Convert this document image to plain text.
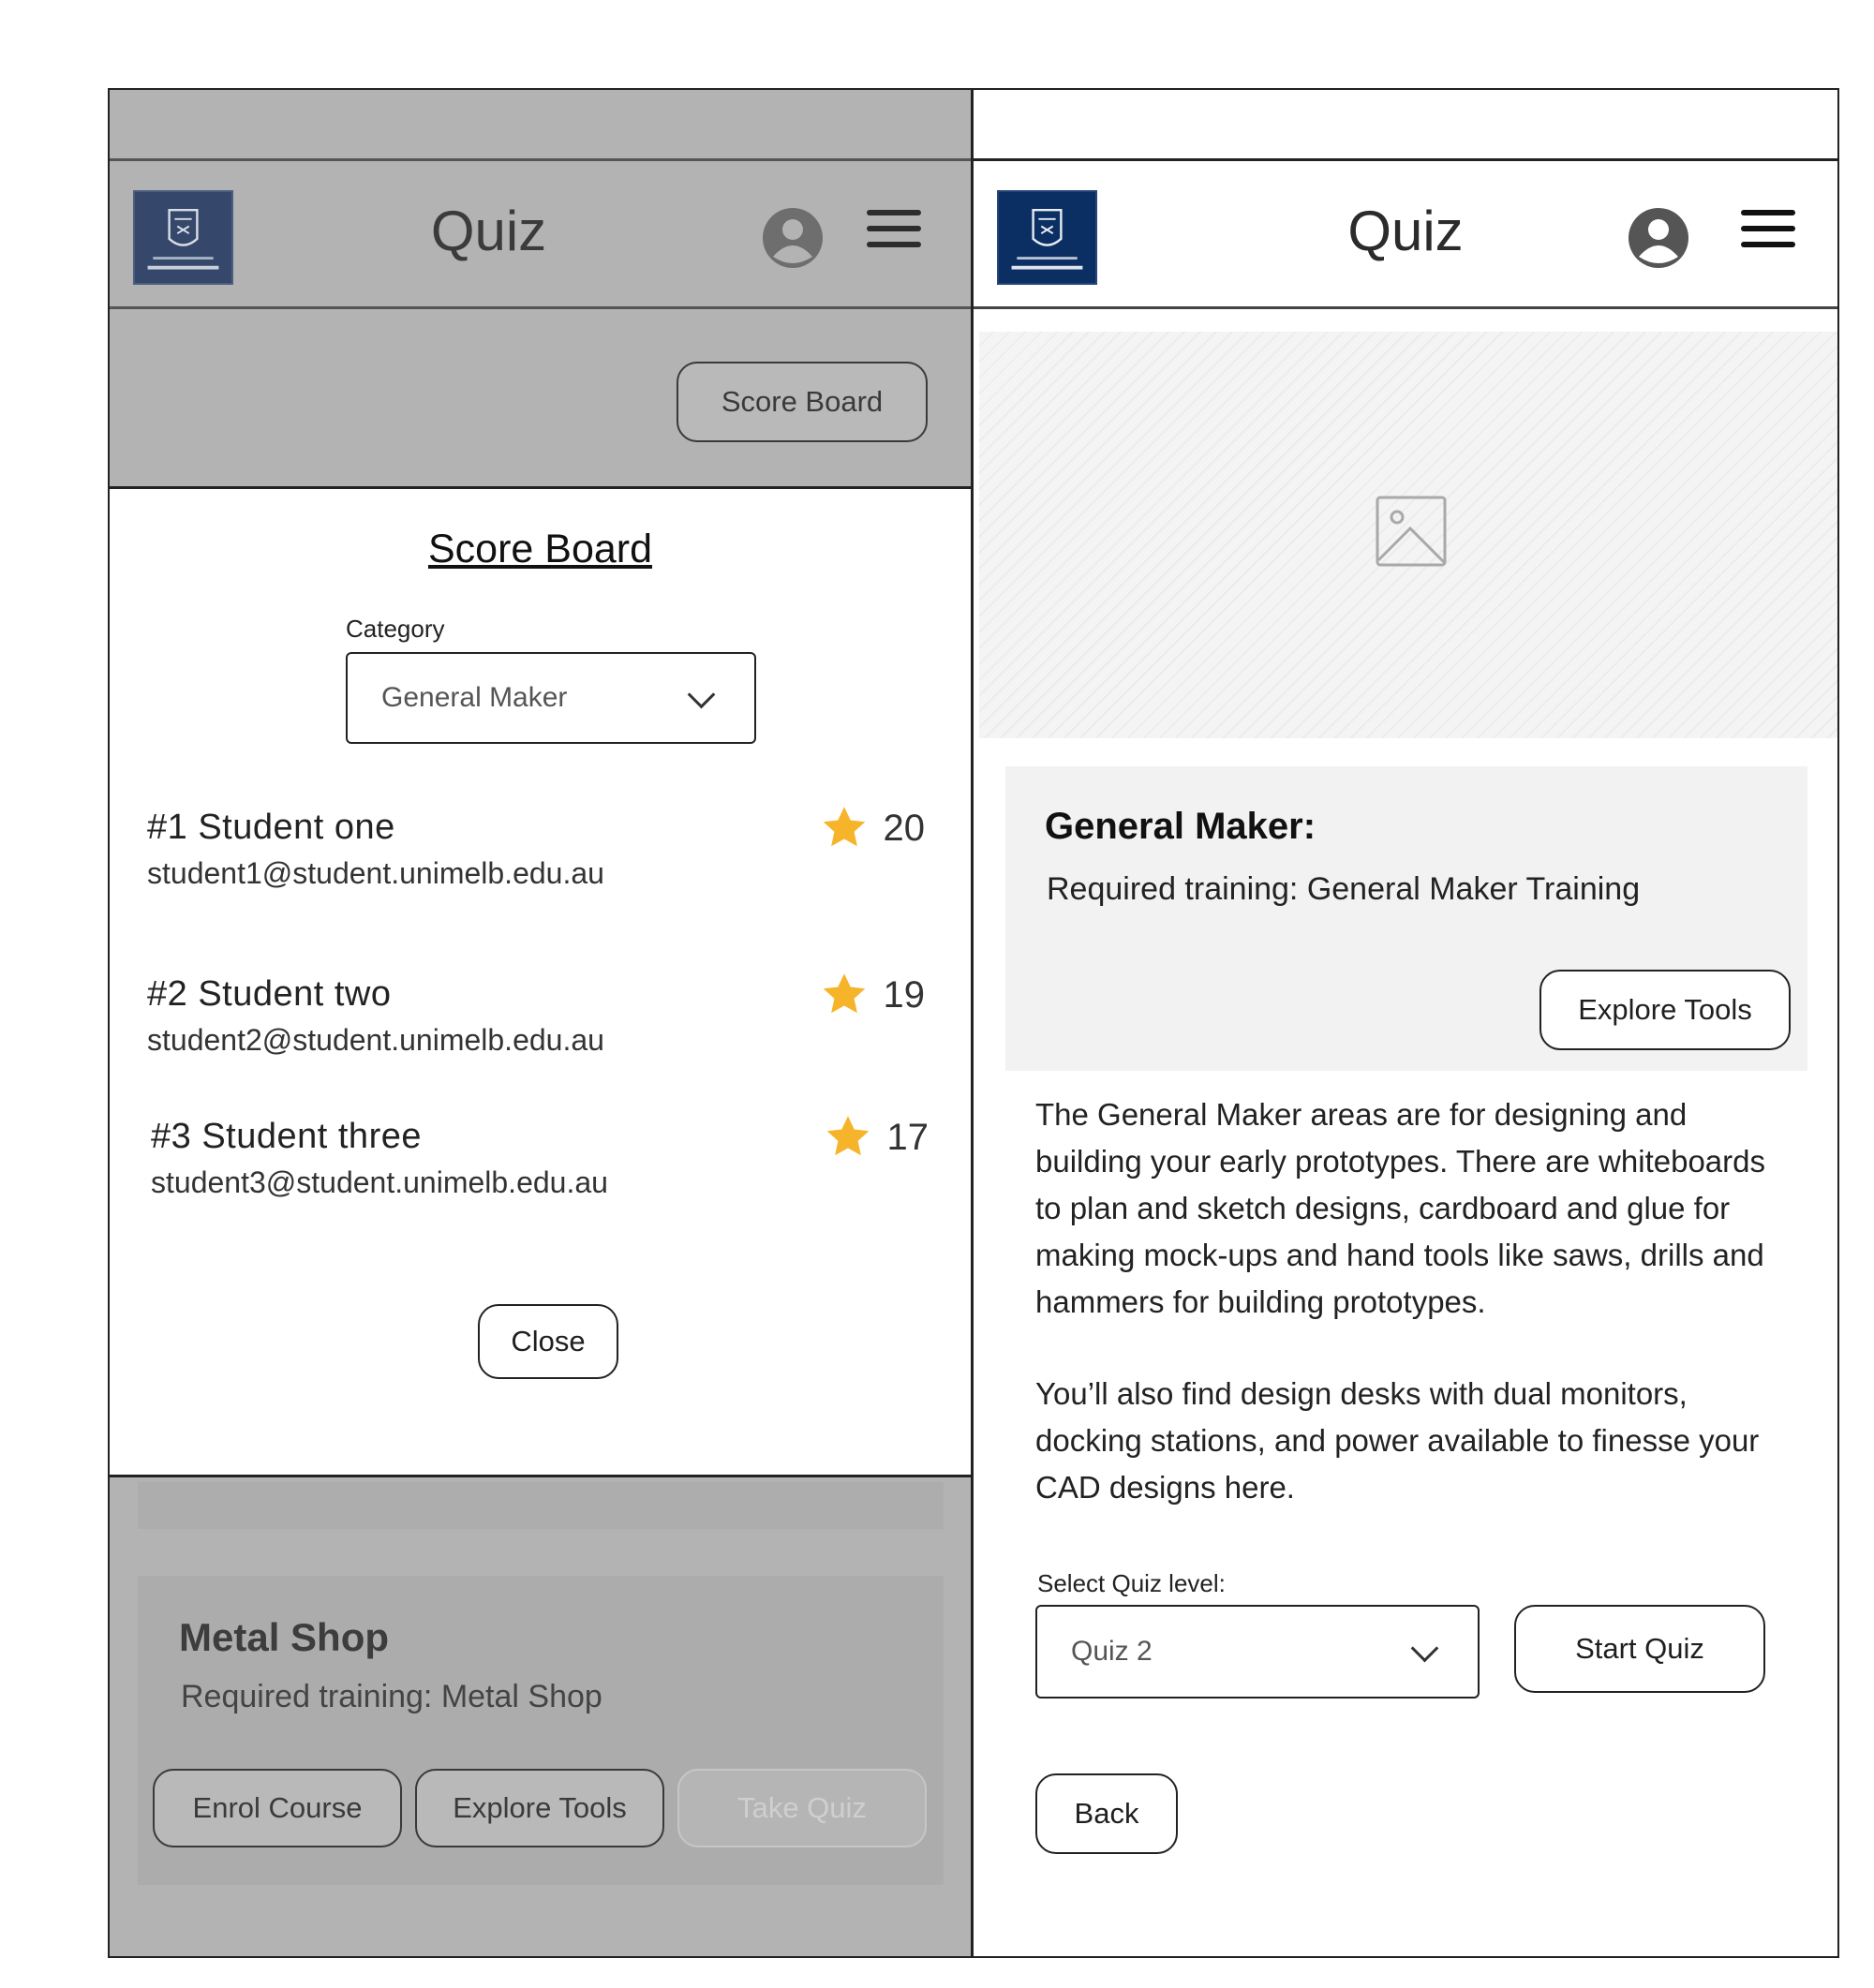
Quiz
Score Board
Score Board
Category
General Maker
#1 Student one
student1@student.unimelb.edu.au
20
#2 Student two
student2@student.unimelb.edu.au
19
#3 Student three
student3@student.unimelb.edu.au
17
Close
Metal Shop
Required training: Metal Shop
Enrol Course	Explore Tools	Take Quiz
Quiz
General Maker:
Required training: General Maker Training
Explore Tools
The General Maker areas are for designing and building your early prototypes. There are whiteboards to plan and sketch designs, cardboard and glue for making mock-ups and hand tools like saws, drills and hammers for building prototypes.
You’ll also find design desks with dual monitors, docking stations, and power available to finesse your CAD designs here.
Select Quiz level:
Quiz 2	Start Quiz
Back
